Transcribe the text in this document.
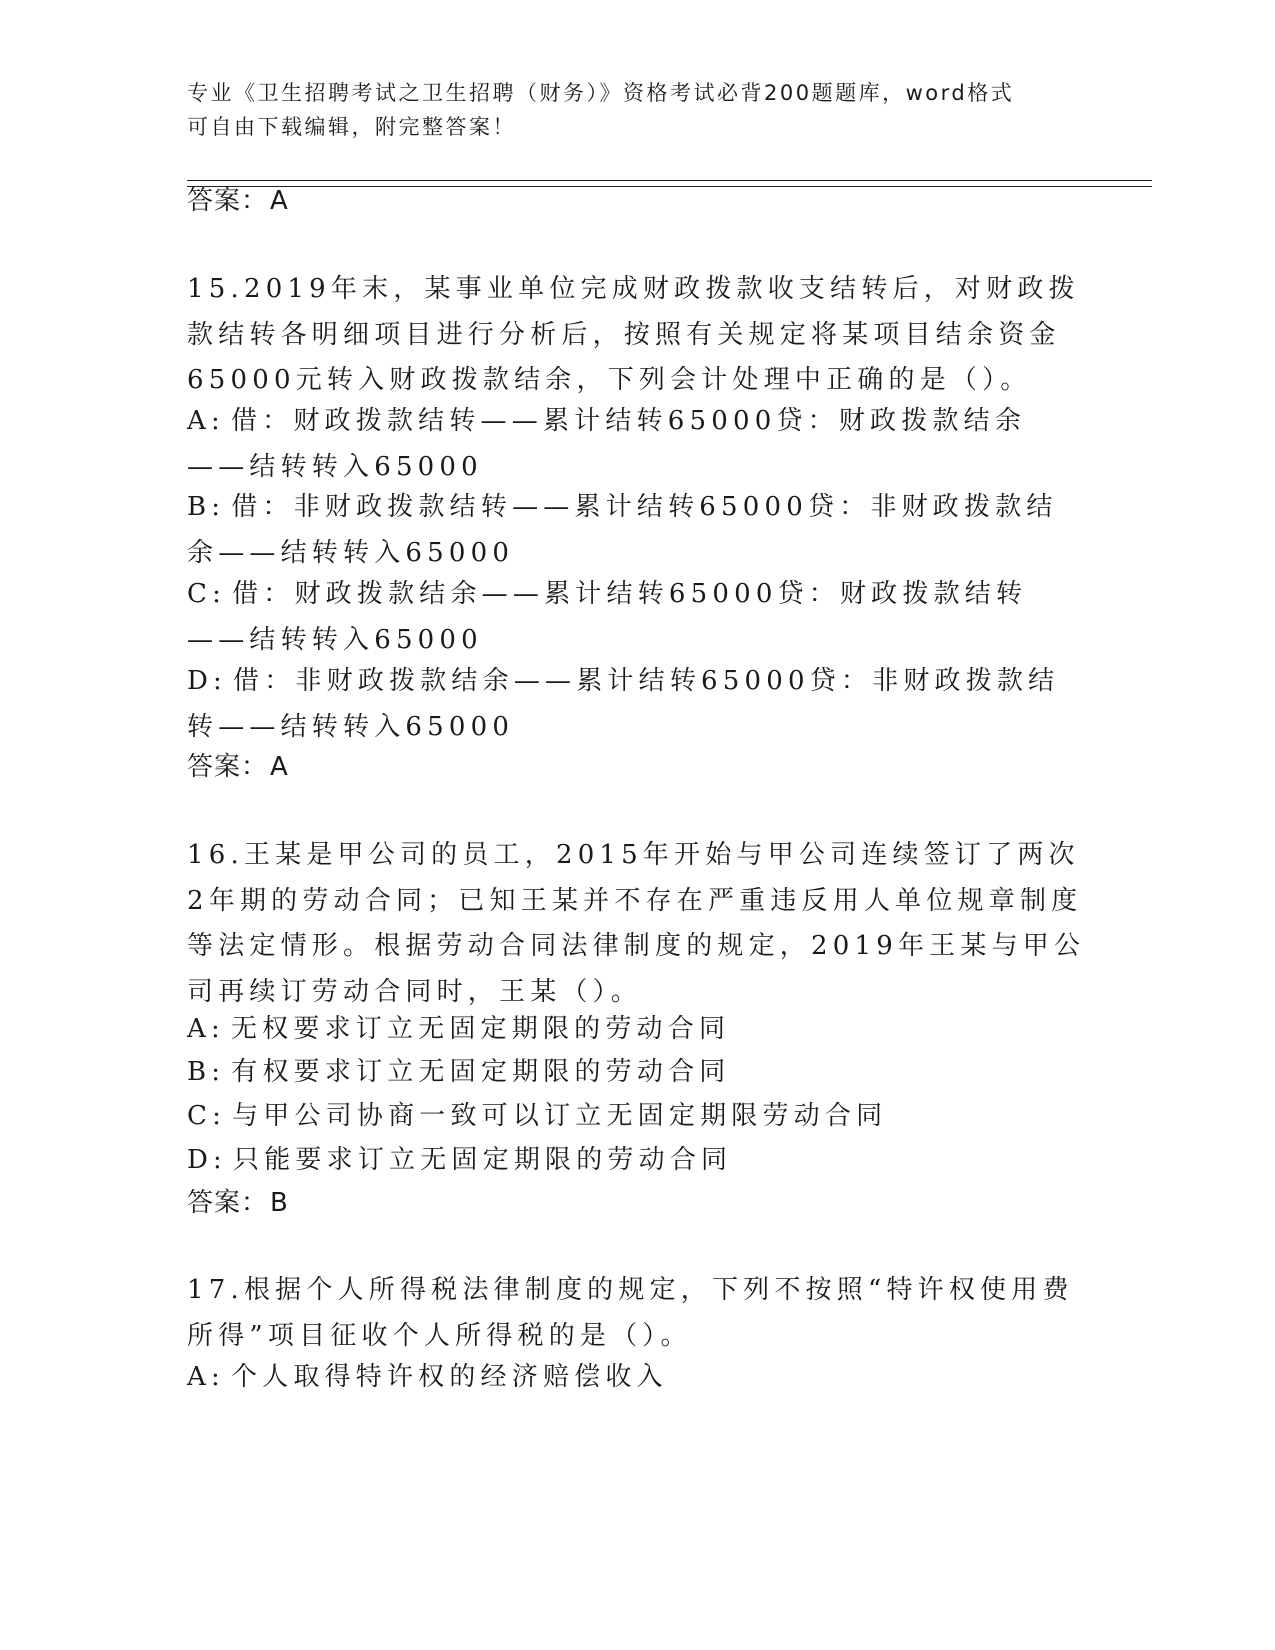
专业《卫生招聘考试之卫生招聘（财务）》资格考试必背200题题库，word格式
可自由下载编辑，附完整答案！

答案：A

15.2019年末，某事业单位完成财政拨款收支结转后，对财政拨款结转各明细项目进行分析后，按照有关规定将某项目结余资金65000元转入财政拨款结余，下列会计处理中正确的是（）。

A: 借：财政拨款结转——累计结转65000贷：财政拨款结余——结转转入65000

B: 借：非财政拨款结转——累计结转65000贷：非财政拨款结余——结转转入65000

C: 借：财政拨款结余——累计结转65000贷：财政拨款结转——结转转入65000

D: 借：非财政拨款结余——累计结转65000贷：非财政拨款结转——结转转入65000

答案：A

16.王某是甲公司的员工，2015年开始与甲公司连续签订了两次2年期的劳动合同；已知王某并不存在严重违反用人单位规章制度等法定情形。根据劳动合同法律制度的规定，2019年王某与甲公司再续订劳动合同时，王某（）。

A: 无权要求订立无固定期限的劳动合同

B: 有权要求订立无固定期限的劳动合同

C: 与甲公司协商一致可以订立无固定期限劳动合同

D: 只能要求订立无固定期限的劳动合同

答案：B

17.根据个人所得税法律制度的规定，下列不按照“特许权使用费所得”项目征收个人所得税的是（）。

A: 个人取得特许权的经济赔偿收入
